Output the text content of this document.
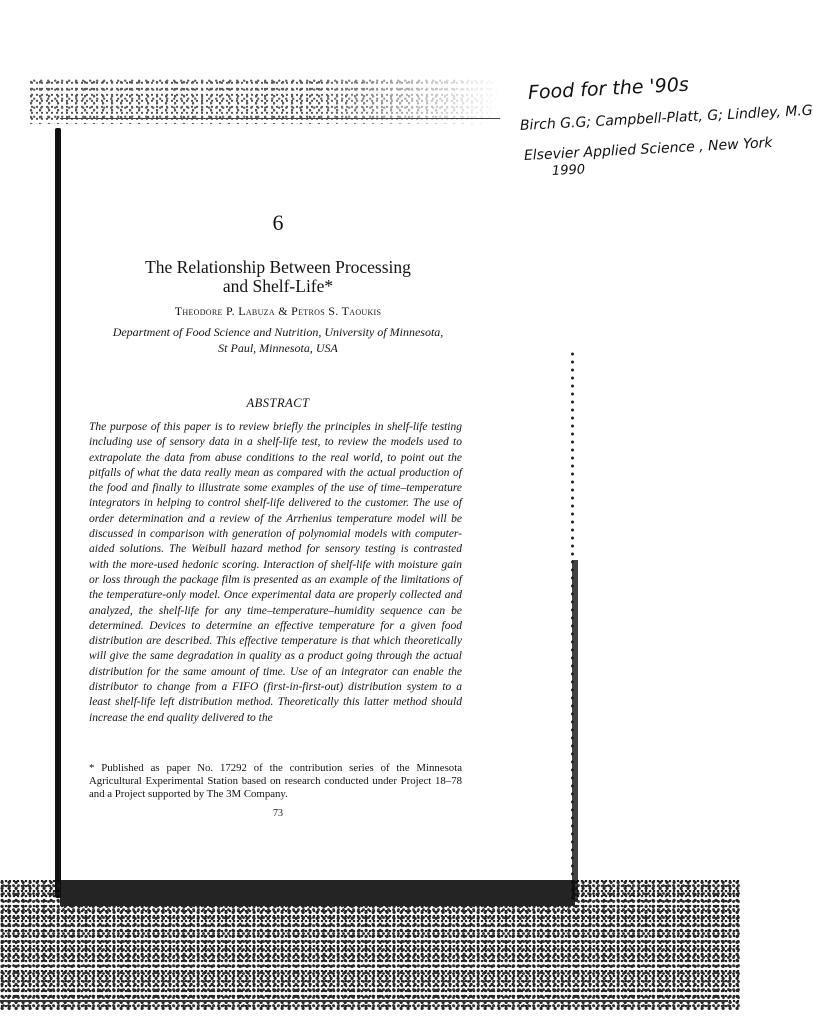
Food for the '90s
Birch G.G; Campbell-Platt, G; Lindley, M.G
Elsevier Applied Science , New York
1990
6
The Relationship Between Processing
and Shelf-Life*
Theodore P. Labuza & Petros S. Taoukis
Department of Food Science and Nutrition, University of Minnesota,
St Paul, Minnesota, USA
ABSTRACT
The purpose of this paper is to review briefly the principles in shelf-life testing including use of sensory data in a shelf-life test, to review the models used to extrapolate the data from abuse conditions to the real world, to point out the pitfalls of what the data really mean as compared with the actual production of the food and finally to illustrate some examples of the use of time–temperature integrators in helping to control shelf-life delivered to the customer. The use of order determination and a review of the Arrhenius temperature model will be discussed in comparison with generation of polynomial models with computer-aided solutions. The Weibull hazard method for sensory testing is contrasted with the more-used hedonic scoring. Interaction of shelf-life with moisture gain or loss through the package film is presented as an example of the limitations of the temperature-only model. Once experimental data are properly collected and analyzed, the shelf-life for any time–temperature–humidity sequence can be determined. Devices to determine an effective temperature for a given food distribution are described. This effective temperature is that which theoretically will give the same degradation in quality as a product going through the actual distribution for the same amount of time. Use of an integrator can enable the distributor to change from a FIFO (first-in-first-out) distribution system to a least shelf-life left distribution method. Theoretically this latter method should increase the end quality delivered to the
* Published as paper No. 17292 of the contribution series of the Minnesota Agricultural Experimental Station based on research conducted under Project 18–78 and a Project supported by The 3M Company.
73
